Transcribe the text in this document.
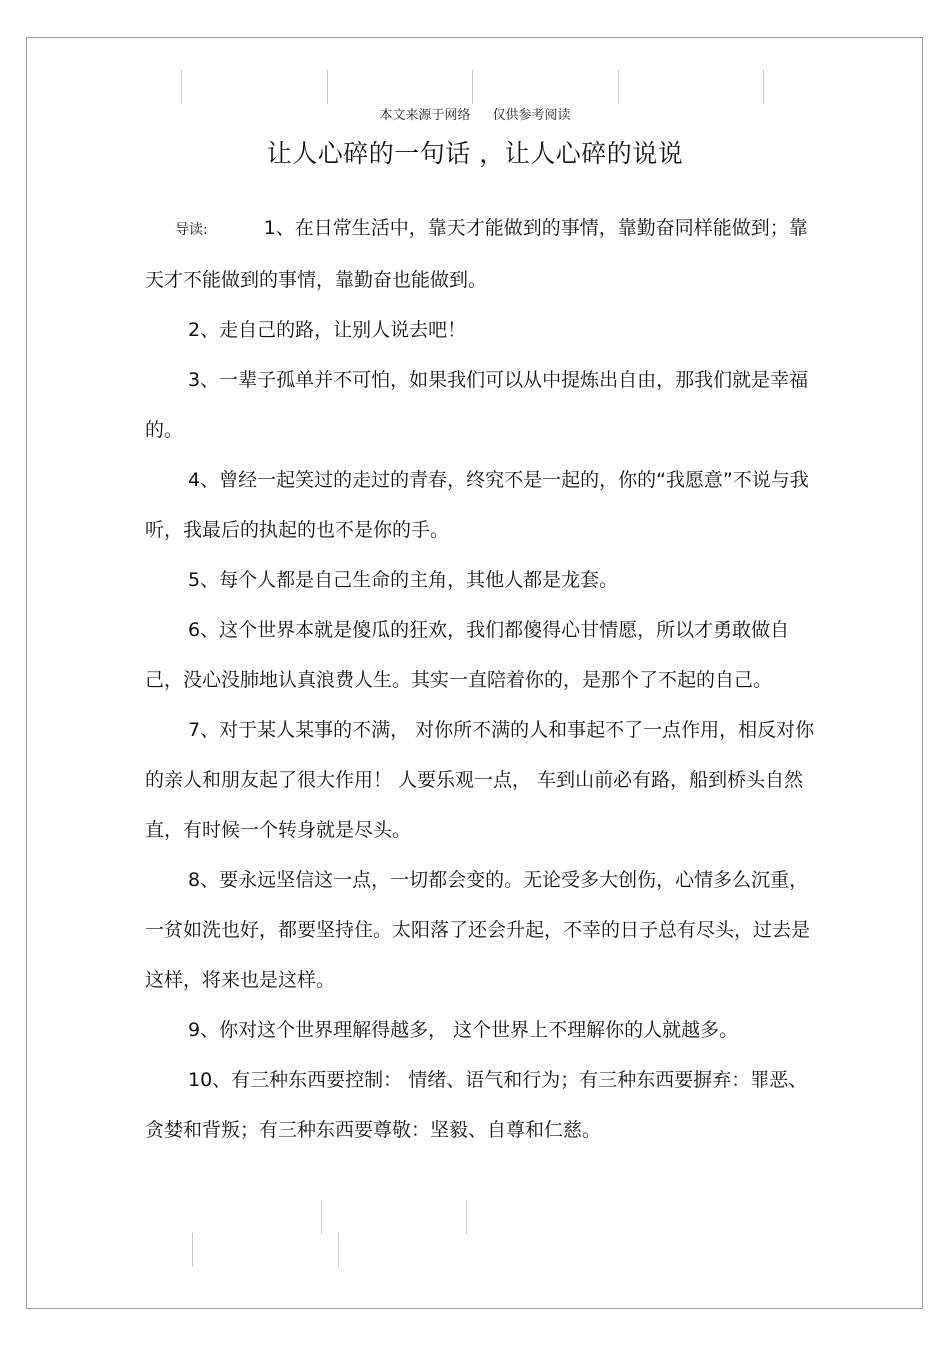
本文来源于网络 仅供参考阅读
让人心碎的一句话 ，让人心碎的说说

导读:	1、在日常生活中，靠天才能做到的事情，靠勤奋同样能做到；靠天才不能做到的事情，靠勤奋也能做到。

2、走自己的路，让别人说去吧！

3、一辈子孤单并不可怕，如果我们可以从中提炼出自由，那我们就是幸福的。

4、曾经一起笑过的走过的青春，终究不是一起的，你的“我愿意”不说与我听，我最后的执起的也不是你的手。

5、每个人都是自己生命的主角，其他人都是龙套。

6、这个世界本就是傻瓜的狂欢，我们都傻得心甘情愿，所以才勇敢做自己，没心没肺地认真浪费人生。其实一直陪着你的，是那个了不起的自己。

7、对于某人某事的不满， 对你所不满的人和事起不了一点作用，相反对你的亲人和朋友起了很大作用！ 人要乐观一点， 车到山前必有路，船到桥头自然直，有时候一个转身就是尽头。

8、要永远坚信这一点，一切都会变的。无论受多大创伤，心情多么沉重，一贫如洗也好，都要坚持住。太阳落了还会升起，不幸的日子总有尽头，过去是这样，将来也是这样。

9、你对这个世界理解得越多， 这个世界上不理解你的人就越多。

10、有三种东西要控制： 情绪、语气和行为；有三种东西要摒弃：罪恶、贪婪和背叛；有三种东西要尊敬：坚毅、自尊和仁慈。
